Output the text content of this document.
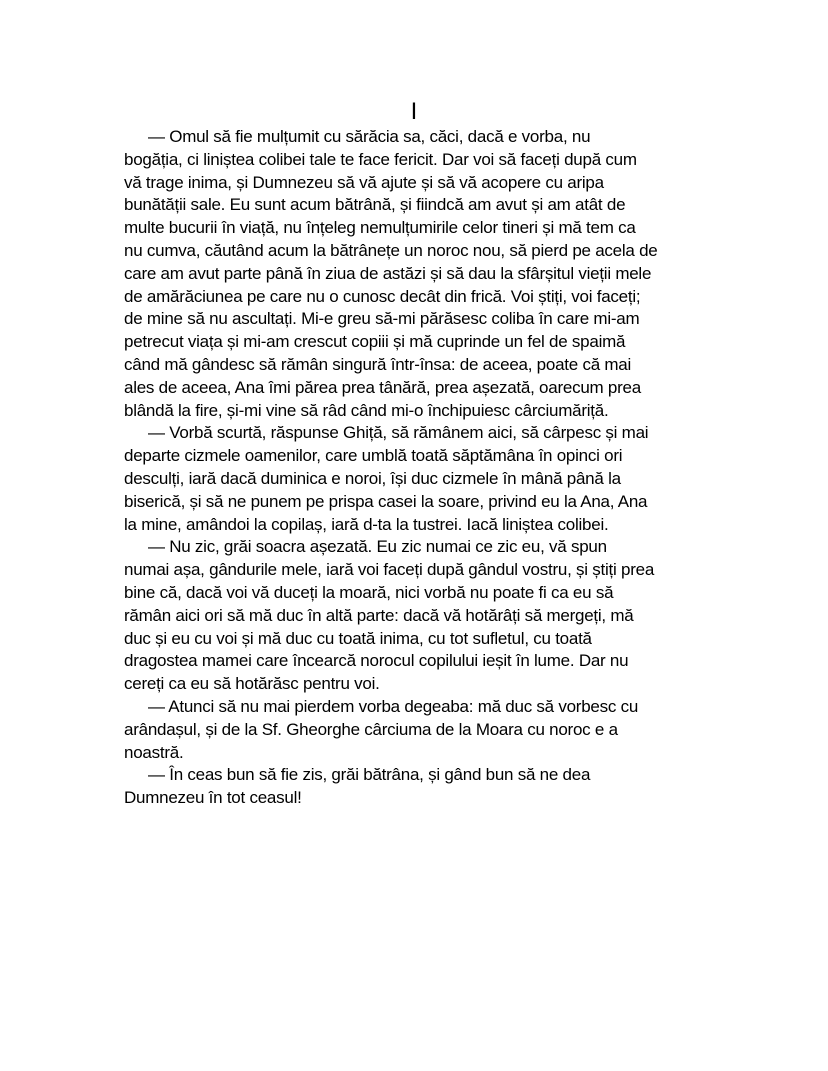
I
— Omul să fie mulțumit cu sărăcia sa, căci, dacă e vorba, nu
bogăția, ci liniștea colibei tale te face fericit. Dar voi să faceți după cum
vă trage inima, și Dumnezeu să vă ajute și să vă acopere cu aripa
bunătății sale. Eu sunt acum bătrână, și fiindcă am avut și am atât de
multe bucurii în viață, nu înțeleg nemulțumirile celor tineri și mă tem ca
nu cumva, căutând acum la bătrânețe un noroc nou, să pierd pe acela de
care am avut parte până în ziua de astăzi și să dau la sfârșitul vieții mele
de amărăciunea pe care nu o cunosc decât din frică. Voi știți, voi faceți;
de mine să nu ascultați. Mi-e greu să-mi părăsesc coliba în care mi-am
petrecut viața și mi-am crescut copiii și mă cuprinde un fel de spaimă
când mă gândesc să rămân singură într-însa: de aceea, poate că mai
ales de aceea, Ana îmi părea prea tânără, prea așezată, oarecum prea
blândă la fire, și-mi vine să râd când mi-o închipuiesc cârciumăriță.
— Vorbă scurtă, răspunse Ghiță, să rămânem aici, să cârpesc și mai
departe cizmele oamenilor, care umblă toată săptămâna în opinci ori
desculți, iară dacă duminica e noroi, își duc cizmele în mână până la
biserică, și să ne punem pe prispa casei la soare, privind eu la Ana, Ana
la mine, amândoi la copilaș, iară d-ta la tustrei. Iacă liniștea colibei.
— Nu zic, grăi soacra așezată. Eu zic numai ce zic eu, vă spun
numai așa, gândurile mele, iară voi faceți după gândul vostru, și știți prea
bine că, dacă voi vă duceți la moară, nici vorbă nu poate fi ca eu să
rămân aici ori să mă duc în altă parte: dacă vă hotărâți să mergeți, mă
duc și eu cu voi și mă duc cu toată inima, cu tot sufletul, cu toată
dragostea mamei care încearcă norocul copilului ieșit în lume. Dar nu
cereți ca eu să hotărăsc pentru voi.
— Atunci să nu mai pierdem vorba degeaba: mă duc să vorbesc cu
arândașul, și de la Sf. Gheorghe cârciuma de la Moara cu noroc e a
noastră.
— În ceas bun să fie zis, grăi bătrâna, și gând bun să ne dea
Dumnezeu în tot ceasul!
